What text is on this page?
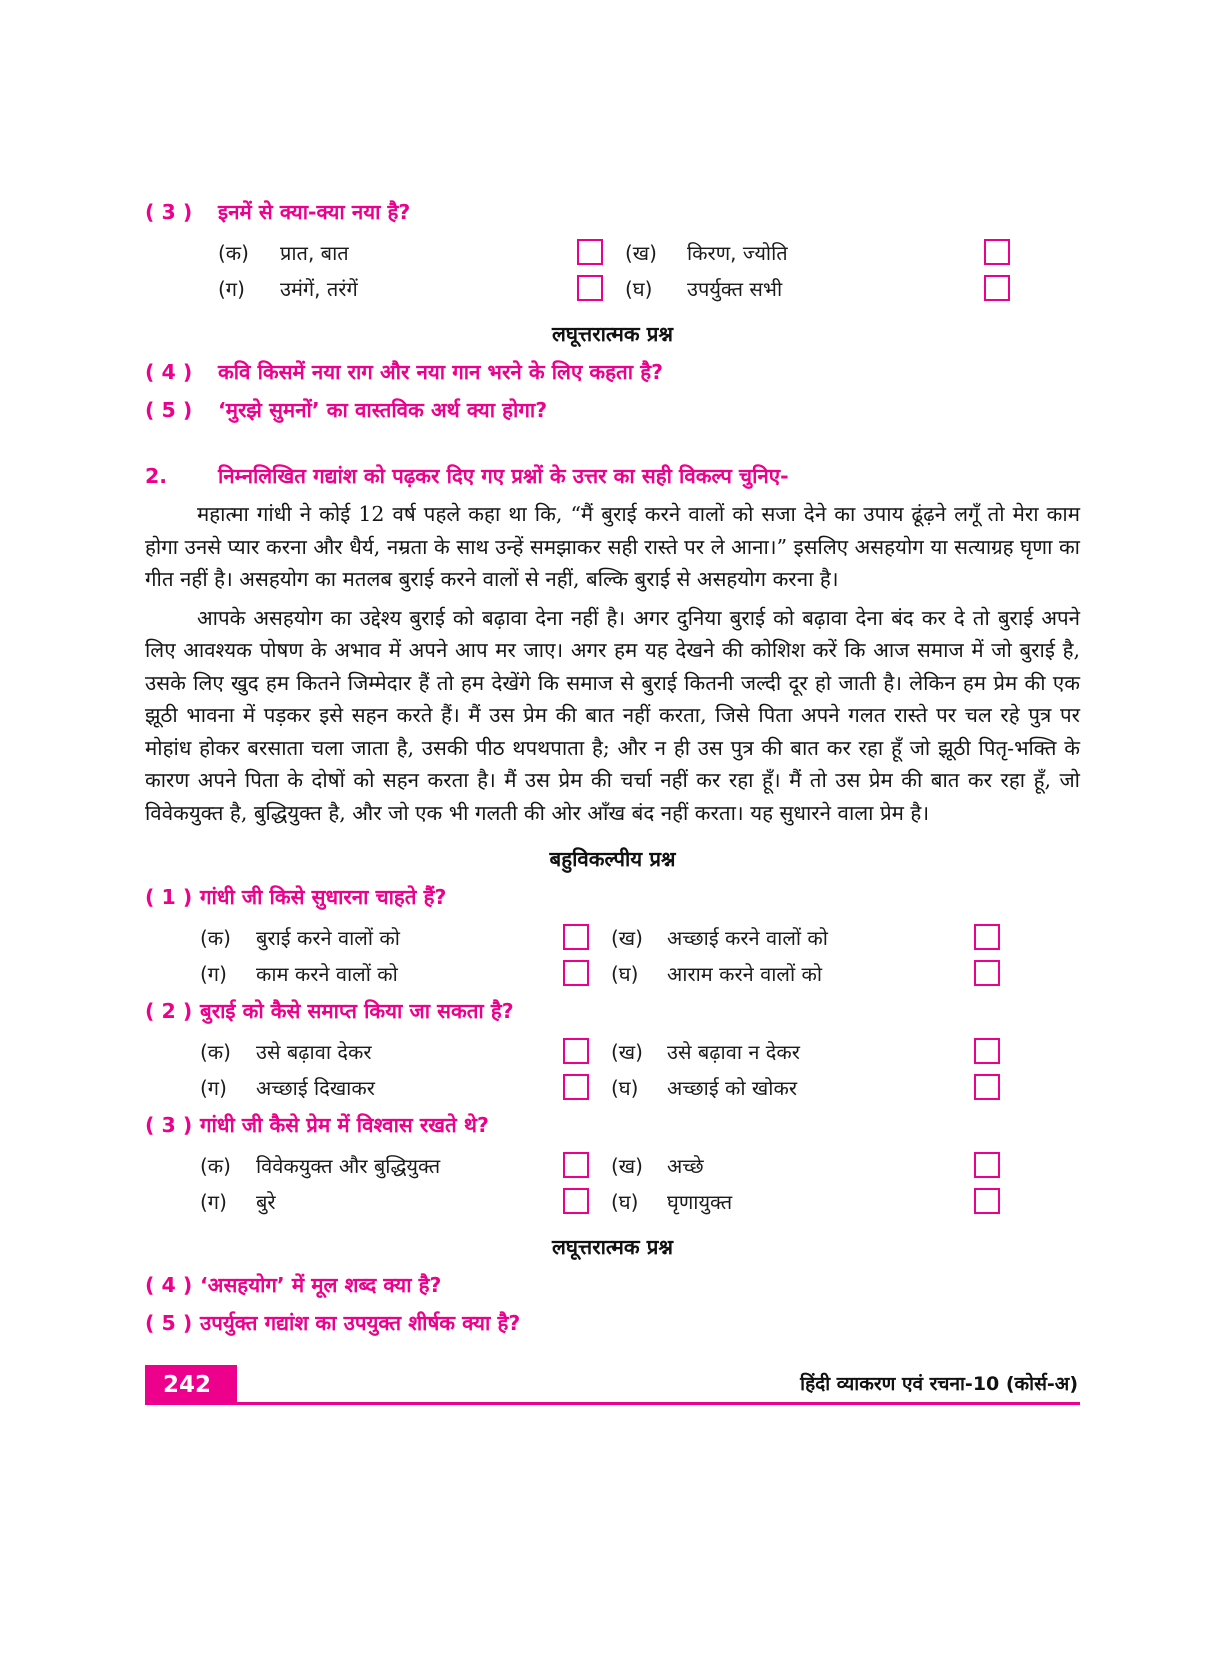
( 3 )	इनमें से क्या-क्या नया है?
(क)	प्रात, बात	(ख)	किरण, ज्योति
(ग)	उमंगें, तरंगें	(घ)	उपर्युक्त सभी
लघूत्तरात्मक प्रश्न
( 4 )	कवि किसमें नया राग और नया गान भरने के लिए कहता है?
( 5 )	‘मुरझे सुमनों’ का वास्तविक अर्थ क्या होगा?
2.	निम्नलिखित गद्यांश को पढ़कर दिए गए प्रश्नों के उत्तर का सही विकल्प चुनिए-

महात्मा गांधी ने कोई 12 वर्ष पहले कहा था कि, “मैं बुराई करने वालों को सजा देने का उपाय ढूंढ़ने लगूँ तो मेरा काम होगा उनसे प्यार करना और धैर्य, नम्रता के साथ उन्हें समझाकर सही रास्ते पर ले आना।” इसलिए असहयोग या सत्याग्रह घृणा का गीत नहीं है। असहयोग का मतलब बुराई करने वालों से नहीं, बल्कि बुराई से असहयोग करना है।

आपके असहयोग का उद्देश्य बुराई को बढ़ावा देना नहीं है। अगर दुनिया बुराई को बढ़ावा देना बंद कर दे तो बुराई अपने लिए आवश्यक पोषण के अभाव में अपने आप मर जाए। अगर हम यह देखने की कोशिश करें कि आज समाज में जो बुराई है, उसके लिए खुद हम कितने जिम्मेदार हैं तो हम देखेंगे कि समाज से बुराई कितनी जल्दी दूर हो जाती है। लेकिन हम प्रेम की एक झूठी भावना में पड़कर इसे सहन करते हैं। मैं उस प्रेम की बात नहीं करता, जिसे पिता अपने गलत रास्ते पर चल रहे पुत्र पर मोहांध होकर बरसाता चला जाता है, उसकी पीठ थपथपाता है; और न ही उस पुत्र की बात कर रहा हूँ जो झूठी पितृ-भक्ति के कारण अपने पिता के दोषों को सहन करता है। मैं उस प्रेम की चर्चा नहीं कर रहा हूँ। मैं तो उस प्रेम की बात कर रहा हूँ, जो विवेकयुक्त है, बुद्धियुक्त है, और जो एक भी गलती की ओर आँख बंद नहीं करता। यह सुधारने वाला प्रेम है।

बहुविकल्पीय प्रश्न
( 1 ) गांधी जी किसे सुधारना चाहते हैं?
(क)	बुराई करने वालों को	(ख)	अच्छाई करने वालों को
(ग)	काम करने वालों को	(घ)	आराम करने वालों को
( 2 ) बुराई को कैसे समाप्त किया जा सकता है?
(क)	उसे बढ़ावा देकर	(ख)	उसे बढ़ावा न देकर
(ग)	अच्छाई दिखाकर	(घ)	अच्छाई को खोकर
( 3 ) गांधी जी कैसे प्रेम में विश्वास रखते थे?
(क)	विवेकयुक्त और बुद्धियुक्त	(ख)	अच्छे
(ग)	बुरे	(घ)	घृणायुक्त
लघूत्तरात्मक प्रश्न
( 4 ) ‘असहयोग’ में मूल शब्द क्या है?
( 5 ) उपर्युक्त गद्यांश का उपयुक्त शीर्षक क्या है?
242	हिंदी व्याकरण एवं रचना-10 (कोर्स-अ)
